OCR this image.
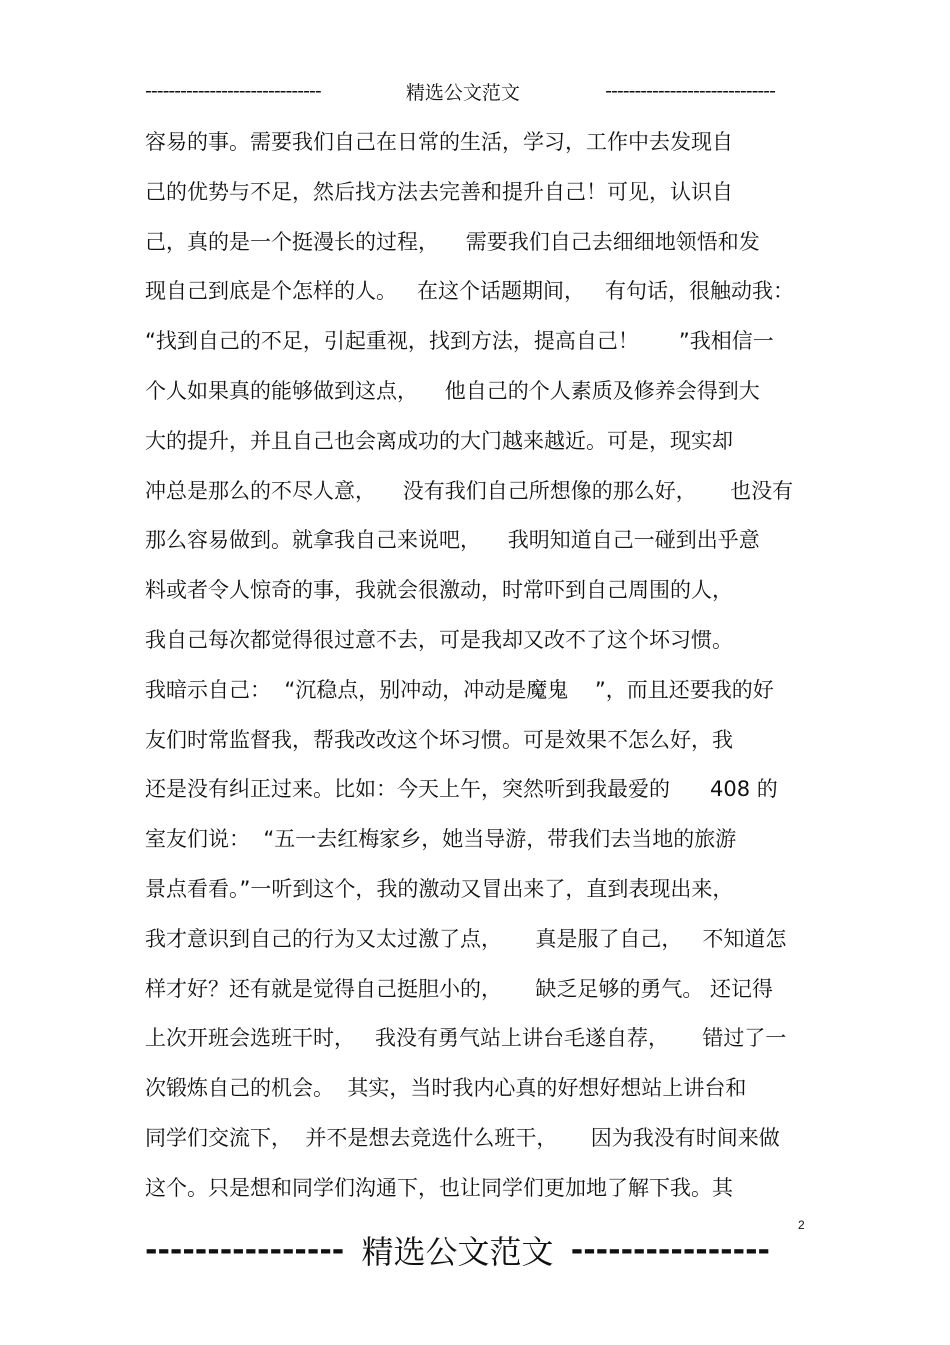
------------------------------	精选公文范文	-----------------------------
容易的事。需要我们自己在日常的生活，学习，工作中去发现自
己的优势与不足，然后找方法去完善和提升自己！可见，认识自
己，真的是一个挺漫长的过程，    需要我们自己去细细地领悟和发
现自己到底是个怎样的人。   在这个话题期间，   有句话，很触动我：
“找到自己的不足，引起重视，找到方法，提高自己！      ”我相信一
个人如果真的能够做到这点，    他自己的个人素质及修养会得到大
大的提升，并且自己也会离成功的大门越来越近。可是，现实却
冲总是那么的不尽人意，    没有我们自己所想像的那么好，     也没有
那么容易做到。就拿我自己来说吧，    我明知道自己一碰到出乎意
料或者令人惊奇的事，我就会很激动，时常吓到自己周围的人，
我自己每次都觉得很过意不去，可是我却又改不了这个坏习惯。
我暗示自己：  “沉稳点，别冲动，冲动是魔鬼    ”，而且还要我的好
友们时常监督我，帮我改改这个坏习惯。可是效果不怎么好，我
还是没有纠正过来。比如：今天上午，突然听到我最爱的      408 的
室友们说：  “五一去红梅家乡，她当导游，带我们去当地的旅游
景点看看。”一听到这个，我的激动又冒出来了，直到表现出来，
我才意识到自己的行为又太过激了点，     真是服了自己，   不知道怎
样才好？还有就是觉得自己挺胆小的，     缺乏足够的勇气。 还记得
上次开班会选班干时，   我没有勇气站上讲台毛遂自荐，     错过了一
次锻炼自己的机会。  其实，当时我内心真的好想好想站上讲台和
同学们交流下，  并不是想去竞选什么班干，     因为我没有时间来做
这个。只是想和同学们沟通下，也让同学们更加地了解下我。其
2
---------------- 精选公文范文 ----------------
